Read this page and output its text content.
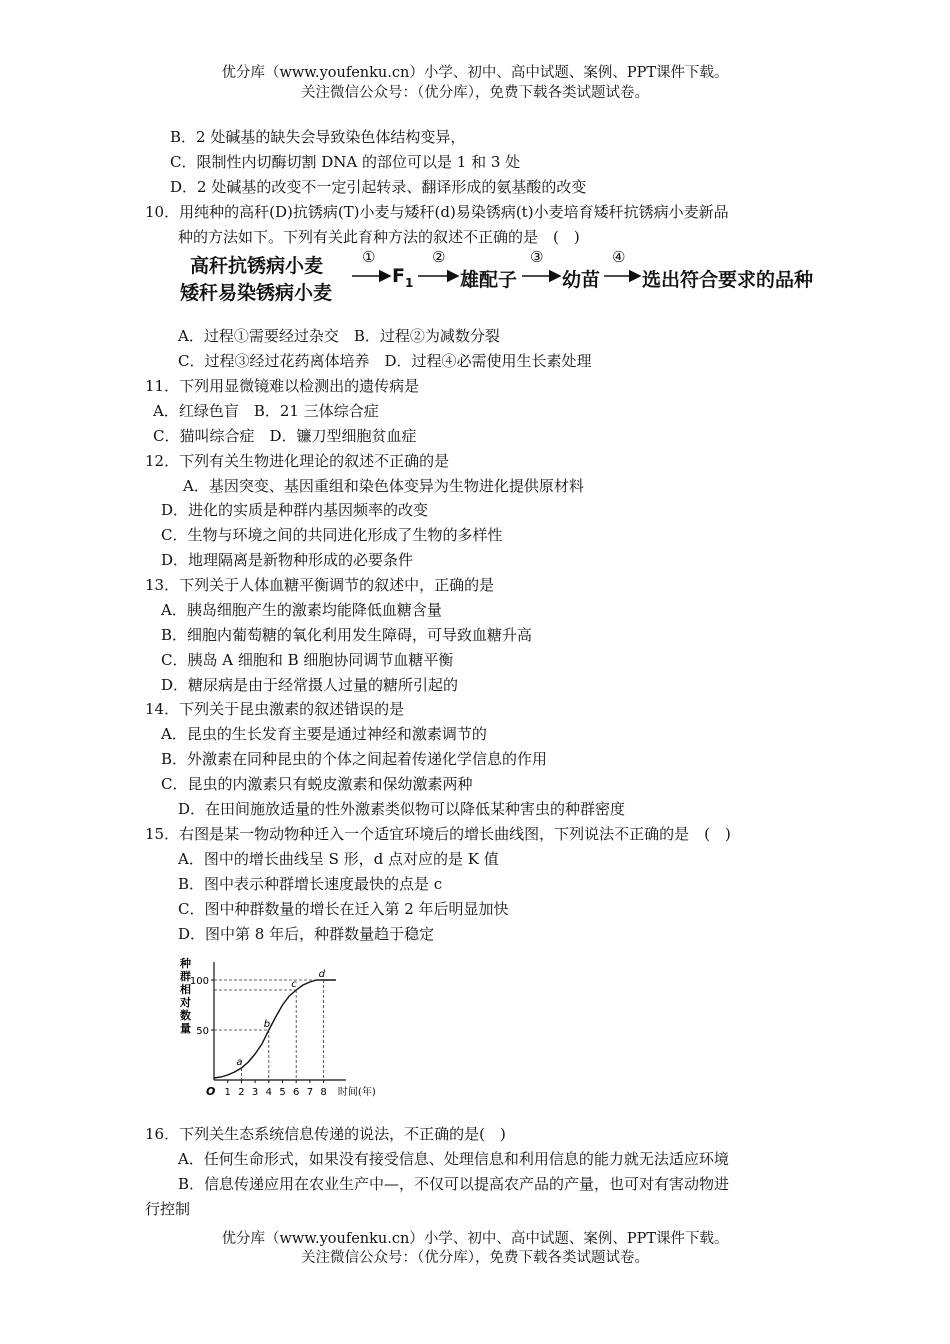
优分库（www.youfenku.cn）小学、初中、高中试题、案例、PPT课件下载。
关注微信公众号：（优分库），免费下载各类试题试卷。
B．2 处碱基的缺失会导致染色体结构变异，
C．限制性内切酶切割 DNA 的部位可以是 1 和 3 处
D．2 处碱基的改变不一定引起转录、翻译形成的氨基酸的改变
10．用纯种的高秆(D)抗锈病(T)小麦与矮秆(d)易染锈病(t)小麦培育矮秆抗锈病小麦新品
种的方法如下。下列有关此育种方法的叙述不正确的是　(　)
高秆抗锈病小麦
矮秆易染锈病小麦
①
$F_1$
②
雄配子
③
幼苗
④
选出符合要求的品种
A．过程①需要经过杂交　B．过程②为减数分裂
C．过程③经过花药离体培养　D．过程④必需使用生长素处理
11．下列用显微镜难以检测出的遗传病是
A．红绿色盲　B．21 三体综合症
C．猫叫综合症　D．镰刀型细胞贫血症
12．下列有关生物进化理论的叙述不正确的是
A．基因突变、基因重组和染色体变异为生物进化提供原材料
D．进化的实质是种群内基因频率的改变
C．生物与环境之间的共同进化形成了生物的多样性
D．地理隔离是新物种形成的必要条件
13．下列关于人体血糖平衡调节的叙述中，正确的是
A．胰岛细胞产生的激素均能降低血糖含量
B．细胞内葡萄糖的氧化利用发生障碍，可导致血糖升高
C．胰岛 A 细胞和 B 细胞协同调节血糖平衡
D．糖尿病是由于经常摄人过量的糖所引起的
14．下列关于昆虫激素的叙述错误的是
A．昆虫的生长发育主要是通过神经和激素调节的
B．外激素在同种昆虫的个体之间起着传递化学信息的作用
C．昆虫的内激素只有蜕皮激素和保幼激素两种
D．在田间施放适量的性外激素类似物可以降低某种害虫的种群密度
15．右图是某一物动物种迁入一个适宜环境后的增长曲线图，下列说法不正确的是　(　)
A．图中的增长曲线呈 S 形，d 点对应的是 K 值
B．图中表示种群增长速度最快的点是 c
C．图中种群数量的增长在迁入第 2 年后明显加快
D．图中第 8 年后，种群数量趋于稳定
种
群
相
对
数
量 50
100
1 2 3 4 5 6 7 8
O	时间(年)
a
b
c
d
16．下列关生态系统信息传递的说法，不正确的是(　)
A．任何生命形式，如果没有接受信息、处理信息和利用信息的能力就无法适应环境
B．信息传递应用在农业生产中—，不仅可以提高农产品的产量，也可对有害动物进
行控制
优分库（www.youfenku.cn）小学、初中、高中试题、案例、PPT课件下载。
关注微信公众号：（优分库），免费下载各类试题试卷。
